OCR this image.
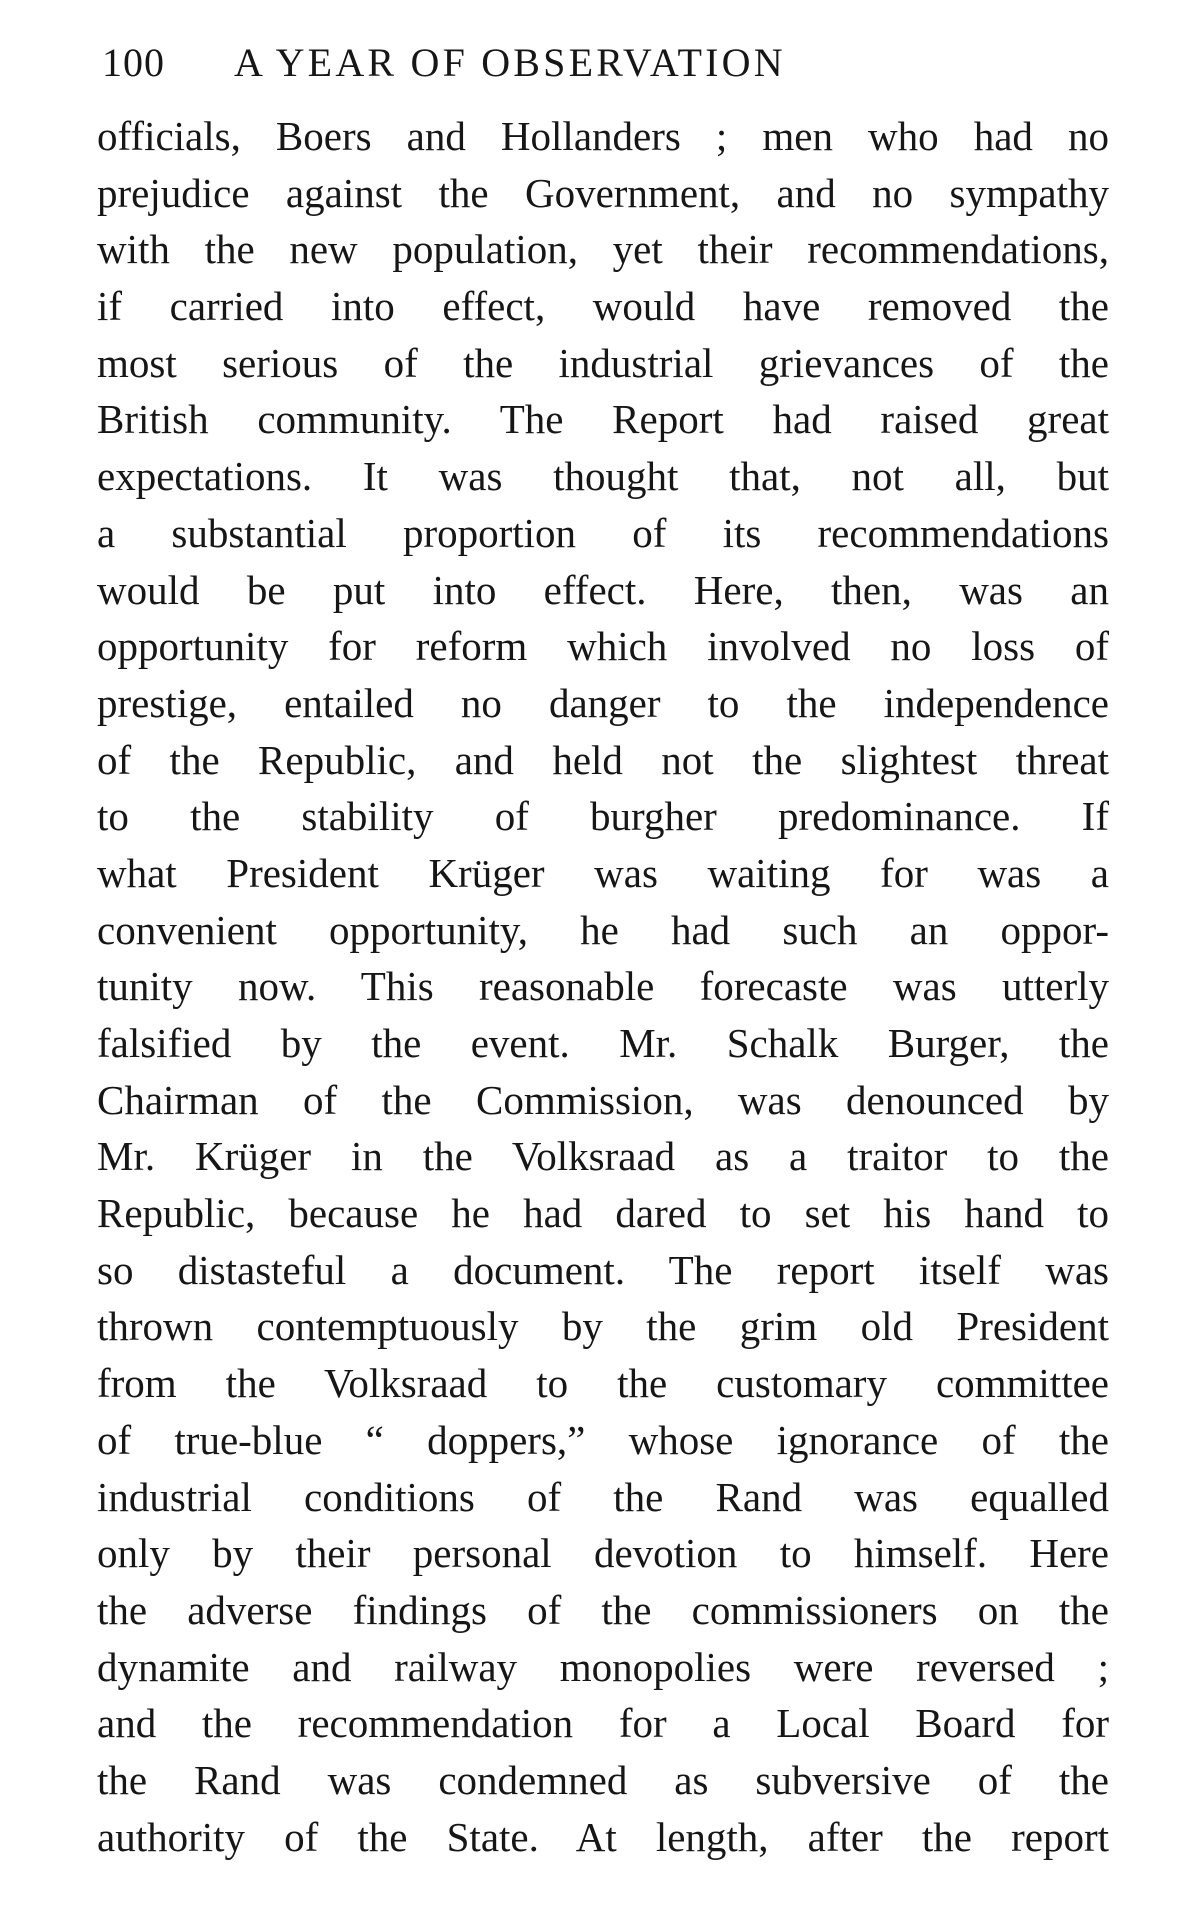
100 A YEAR OF OBSERVATION
officials, Boers and Hollanders ; men who had no
prejudice against the Government, and no sympathy
with the new population, yet their recommendations,
if carried into effect, would have removed the
most serious of the industrial grievances of the
British community. The Report had raised great
expectations. It was thought that, not all, but
a substantial proportion of its recommendations
would be put into effect. Here, then, was an
opportunity for reform which involved no loss of
prestige, entailed no danger to the independence
of the Republic, and held not the slightest threat
to the stability of burgher predominance. If
what President Krüger was waiting for was a
convenient opportunity, he had such an oppor-
tunity now. This reasonable forecaste was utterly
falsified by the event. Mr. Schalk Burger, the
Chairman of the Commission, was denounced by
Mr. Krüger in the Volksraad as a traitor to the
Republic, because he had dared to set his hand to
so distasteful a document. The report itself was
thrown contemptuously by the grim old President
from the Volksraad to the customary committee
of true-blue “ doppers,” whose ignorance of the
industrial conditions of the Rand was equalled
only by their personal devotion to himself. Here
the adverse findings of the commissioners on the
dynamite and railway monopolies were reversed ;
and the recommendation for a Local Board for
the Rand was condemned as subversive of the
authority of the State. At length, after the report
